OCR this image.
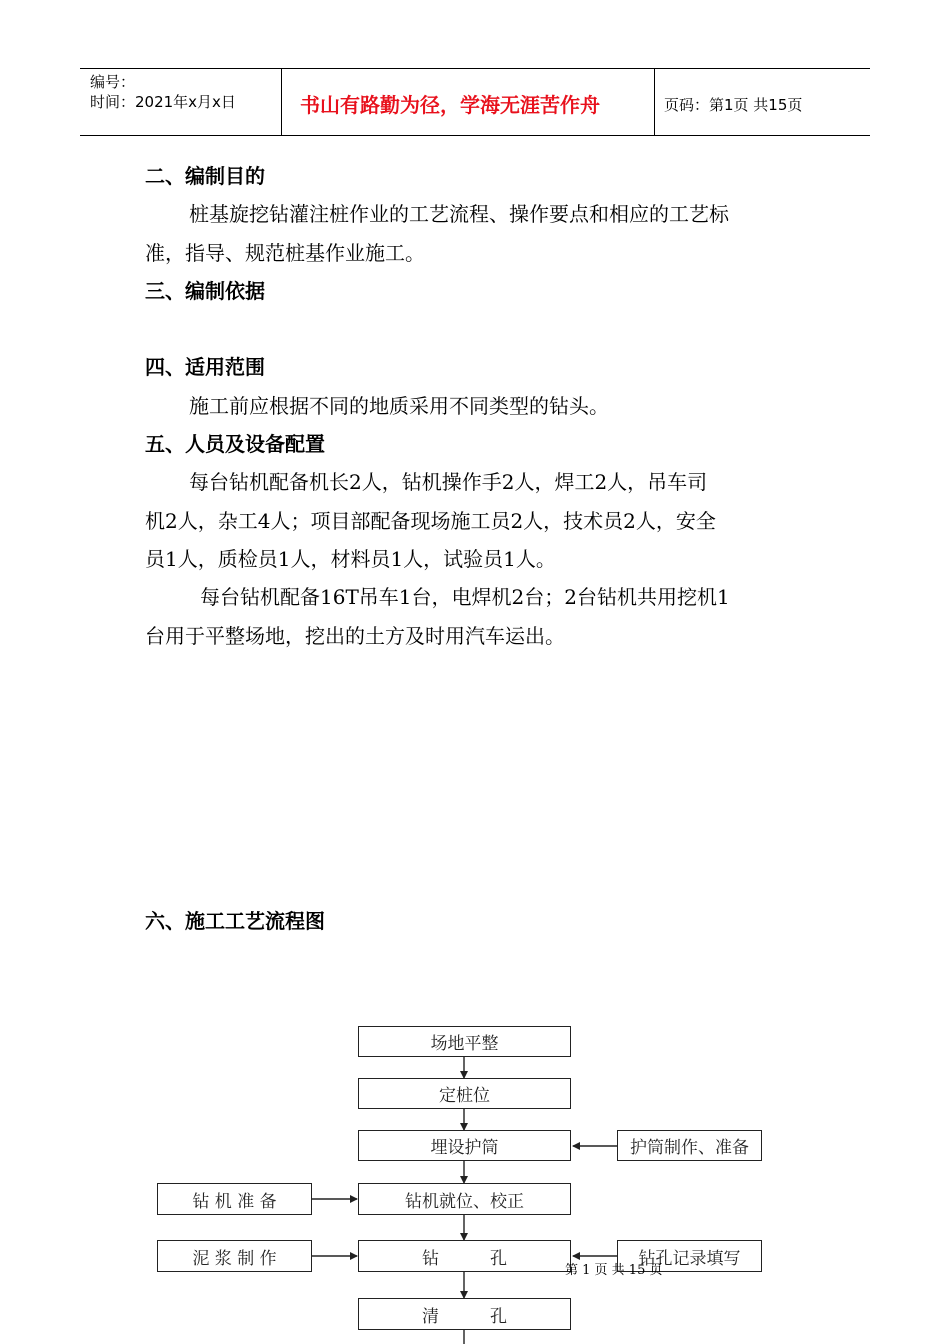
编号：
时间：2021年x月x日	书山有路勤为径，学海无涯苦作舟	页码：第1页 共15页
二、编制目的
桩基旋挖钻灌注桩作业的工艺流程、操作要点和相应的工艺标
准，指导、规范桩基作业施工。
三、编制依据
四、适用范围
施工前应根据不同的地质采用不同类型的钻头。
五、人员及设备配置
每台钻机配备机长2人，钻机操作手2人，焊工2人，吊车司
机2人，杂工4人；项目部配备现场施工员2人，技术员2人，安全
员1人，质检员1人，材料员1人，试验员1人。
每台钻机配备16T吊车1台，电焊机2台；2台钻机共用挖机1
台用于平整场地，挖出的土方及时用汽车运出。
六、施工工艺流程图
场地平整
定桩位
埋设护筒
钻机就位、校正
钻　　　孔
清　　　孔
钻 机 准 备
泥 浆 制 作
护筒制作、准备
钻孔记录填写
第 1 页 共 15 页
